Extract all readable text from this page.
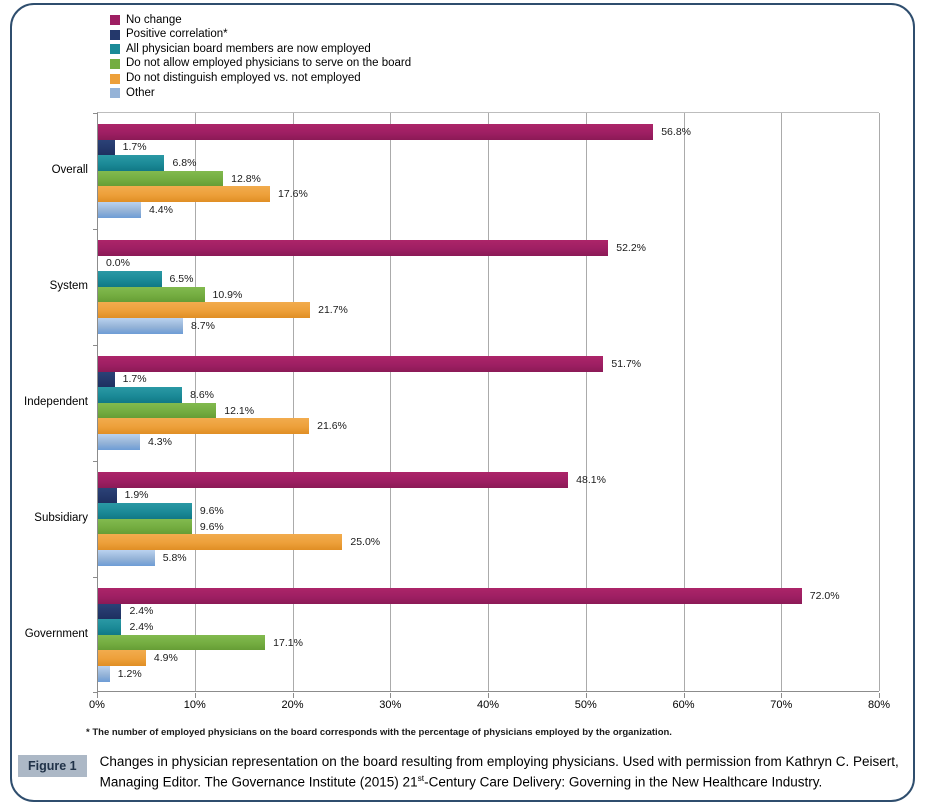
No change
Positive correlation*
All physician board members are now employed
Do not allow employed physicians to serve on the board
Do not distinguish employed vs. not employed
Other
56.8%
1.7%
6.8%
12.8%
17.6%
4.4%
52.2%
0.0%
6.5%
10.9%
21.7%
8.7%
51.7%
1.7%
8.6%
12.1%
21.6%
4.3%
48.1%
1.9%
9.6%
9.6%
25.0%
5.8%
72.0%
2.4%
2.4%
17.1%
4.9%
1.2%
Overall
System
Independent
Subsidiary
Government
0%	10%	20%	30%	40%	50%	60%	70%	80%
* The number of employed physicians on the board corresponds with the percentage of physicians employed by the organization.
Figure 1	Changes in physician representation on the board resulting from employing physicians. Used with permission from Kathryn C. Peisert, Managing Editor. The Governance Institute (2015) 21st-Century Care Delivery: Governing in the New Healthcare Industry.
